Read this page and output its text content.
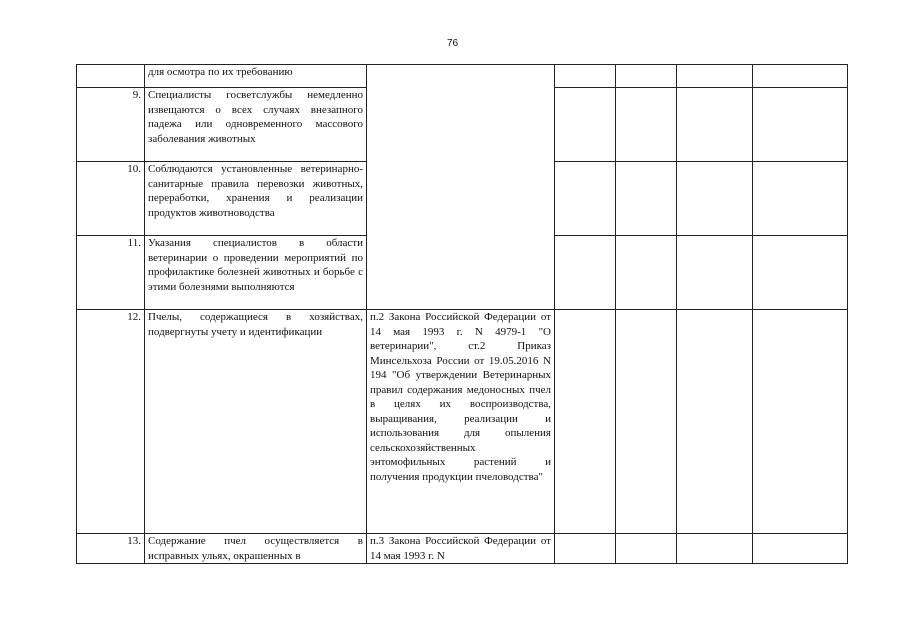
76
	для осмотра по их требованию					
9.	Специалисты госветслужбы немедленно извещаются о всех случаях внезапного падежа или одновременного массового заболевания животных					
10.	Соблюдаются установленные ветеринарно-санитарные правила перевозки животных, переработки, хранения и реализации продуктов животноводства					
11.	Указания специалистов в области ветеринарии о проведении мероприятий по профилактике болезней животных и борьбе с этими болезнями выполняются					
12.	Пчелы, содержащиеся в хозяйствах, подвергнуты учету и идентификации	п.2 Закона Российской Федерации от 14 мая 1993 г. N 4979-1 "О ветеринарии", ст.2 Приказ Минсельхоза России от 19.05.2016 N 194 "Об утверждении Ветеринарных правил содержания медоносных пчел в целях их воспроизводства, выращивания, реализации и использования для опыления сельскохозяйственных энтомофильных растений и получения продукции пчеловодства"				
13.	Содержание пчел осуществляется в исправных ульях, окрашенных в	п.3 Закона Российской Федерации от 14 мая 1993 г. N				
